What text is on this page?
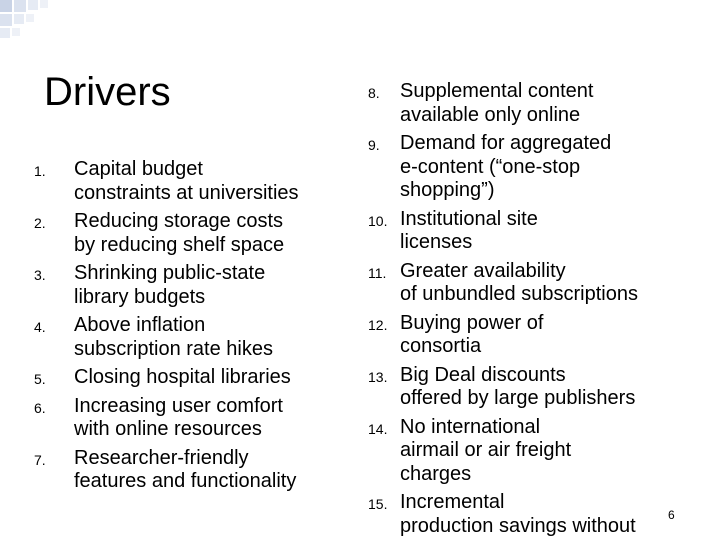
Drivers
1. Capital budget
constraints at universities
2. Reducing storage costs
by reducing shelf space
3. Shrinking public-state
library budgets
4. Above inflation
subscription rate hikes
5. Closing hospital libraries
6. Increasing user comfort
with online resources
7. Researcher-friendly
features and functionality
8. Supplemental content
available only online
9. Demand for aggregated
e-content (“one-stop
shopping”)
10. Institutional site
licenses
11. Greater availability
of unbundled subscriptions
12. Buying power of
consortia
13. Big Deal discounts
offered by large publishers
14. No international
airmail or air freight
charges
15. Incremental
production savings without	6
